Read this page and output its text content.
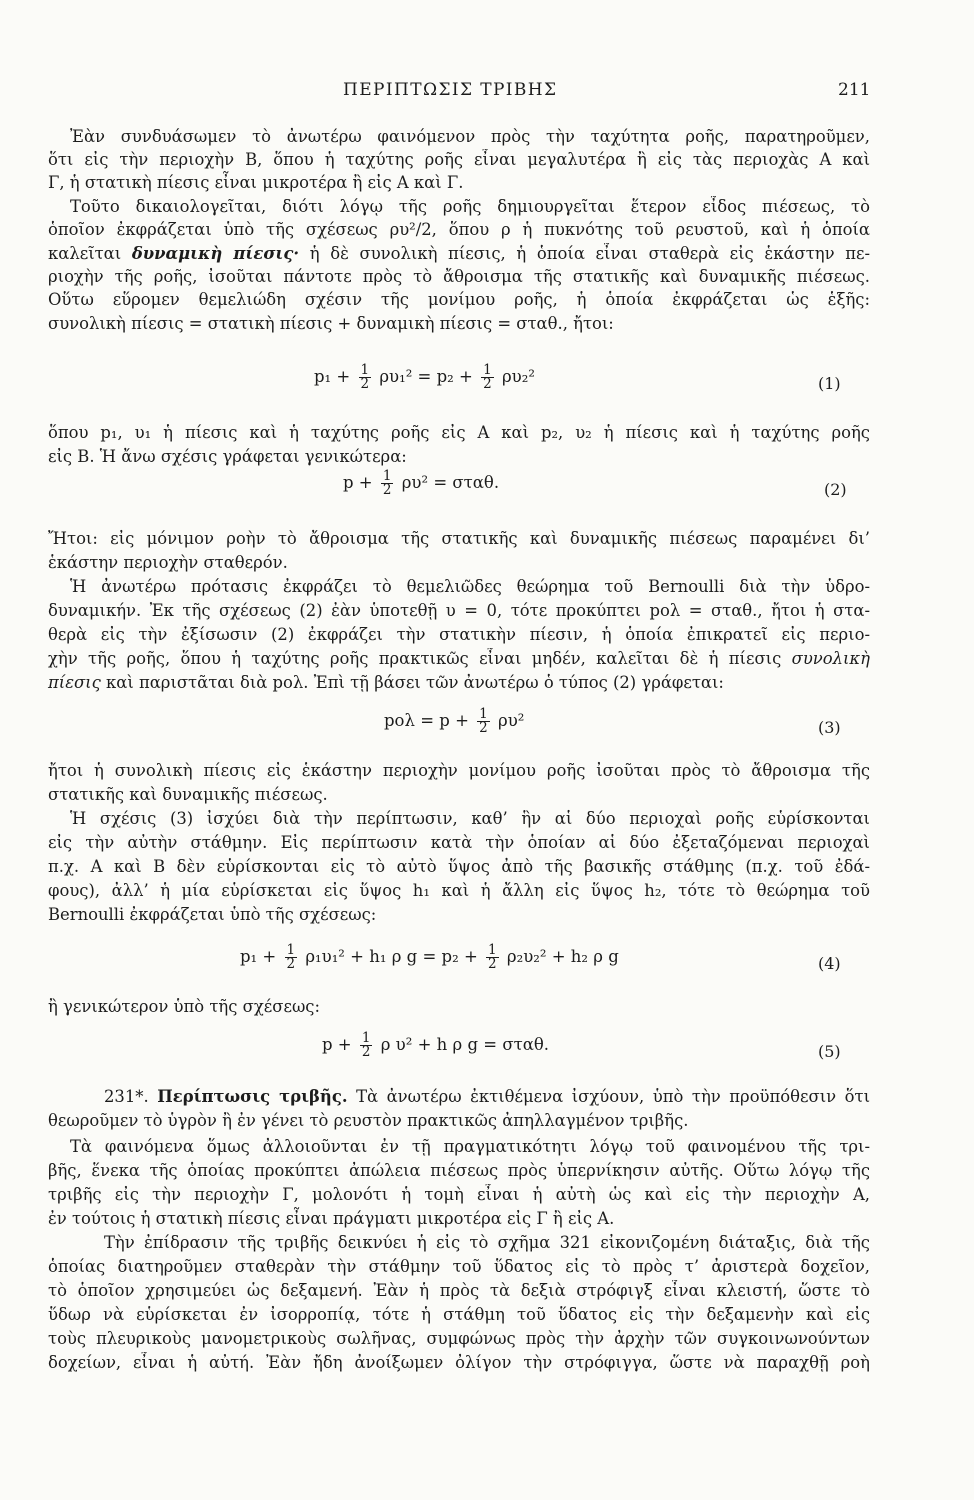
ΠΕΡΙΠΤΩΣΙΣ ΤΡΙΒΗΣ	211
Ἐὰν συνδυάσωμεν τὸ ἀνωτέρω φαινόμενον πρὸς τὴν ταχύτητα ροῆς, παρατηροῦμεν,
ὅτι εἰς τὴν περιοχὴν Β, ὅπου ἡ ταχύτης ροῆς εἶναι μεγαλυτέρα ἢ εἰς τὰς περιοχὰς Α καὶ
Γ, ἡ στατικὴ πίεσις εἶναι μικροτέρα ἢ εἰς Α καὶ Γ.
Τοῦτο δικαιολογεῖται, διότι λόγῳ τῆς ροῆς δημιουργεῖται ἕτερον εἶδος πιέσεως, τὸ
ὁποῖον ἐκφράζεται ὑπὸ τῆς σχέσεως ρυ²/2, ὅπου ρ ἡ πυκνότης τοῦ ρευστοῦ, καὶ ἡ ὁποία
καλεῖται δυναμικὴ πίεσις· ἡ δὲ συνολικὴ πίεσις, ἡ ὁποία εἶναι σταθερὰ εἰς ἑκάστην πε-
ριοχὴν τῆς ροῆς, ἰσοῦται πάντοτε πρὸς τὸ ἄθροισμα τῆς στατικῆς καὶ δυναμικῆς πιέσεως.
Οὕτω εὕρομεν θεμελιώδη σχέσιν τῆς μονίμου ροῆς, ἡ ὁποία ἐκφράζεται ὡς ἑξῆς:
συνολικὴ πίεσις = στατικὴ πίεσις + δυναμικὴ πίεσις = σταθ., ἤτοι:
$p_1 + \frac{1}{2} \rho\upsilon_1^2 = p_2 + \frac{1}{2} \rho\upsilon_2^2$	(1)
ὅπου p₁, υ₁ ἡ πίεσις καὶ ἡ ταχύτης ροῆς εἰς Α καὶ p₂, υ₂ ἡ πίεσις καὶ ἡ ταχύτης ροῆς
εἰς Β. Ἡ ἄνω σχέσις γράφεται γενικώτερα:
$p + \frac{1}{2} \rho\upsilon^2 = \sigma\tau\alpha\theta$.	(2)
Ἤτοι: εἰς μόνιμον ροὴν τὸ ἄθροισμα τῆς στατικῆς καὶ δυναμικῆς πιέσεως παραμένει δι’
ἑκάστην περιοχὴν σταθερόν.
Ἡ ἀνωτέρω πρότασις ἐκφράζει τὸ θεμελιῶδες θεώρημα τοῦ Bernoulli διὰ τὴν ὑδρο-
δυναμικήν. Ἐκ τῆς σχέσεως (2) ἐὰν ὑποτεθῇ υ = 0, τότε προκύπτει pολ = σταθ., ἤτοι ἡ στα-
θερὰ εἰς τὴν ἐξίσωσιν (2) ἐκφράζει τὴν στατικὴν πίεσιν, ἡ ὁποία ἐπικρατεῖ εἰς περιο-
χὴν τῆς ροῆς, ὅπου ἡ ταχύτης ροῆς πρακτικῶς εἶναι μηδέν, καλεῖται δὲ ἡ πίεσις συνολικὴ
πίεσις καὶ παριστᾶται διὰ pολ. Ἐπὶ τῇ βάσει τῶν ἀνωτέρω ὁ τύπος (2) γράφεται:
$po\lambda = p + \frac{1}{2} \rho\upsilon^2$	(3)
ἤτοι ἡ συνολικὴ πίεσις εἰς ἑκάστην περιοχὴν μονίμου ροῆς ἰσοῦται πρὸς τὸ ἄθροισμα τῆς
στατικῆς καὶ δυναμικῆς πιέσεως.
Ἡ σχέσις (3) ἰσχύει διὰ τὴν περίπτωσιν, καθ’ ἣν αἱ δύο περιοχαὶ ροῆς εὑρίσκονται
εἰς τὴν αὐτὴν στάθμην. Εἰς περίπτωσιν κατὰ τὴν ὁποίαν αἱ δύο ἐξεταζόμεναι περιοχαὶ
π.χ. Α καὶ Β δὲν εὑρίσκονται εἰς τὸ αὐτὸ ὕψος ἀπὸ τῆς βασικῆς στάθμης (π.χ. τοῦ ἐδά-
φους), ἀλλ’ ἡ μία εὑρίσκεται εἰς ὕψος h₁ καὶ ἡ ἄλλη εἰς ὕψος h₂, τότε τὸ θεώρημα τοῦ
Bernoulli ἐκφράζεται ὑπὸ τῆς σχέσεως:
$p_1 + \frac{1}{2} \rho_1\upsilon_1^2 + h_1$ ρ $g = p_2 + \frac{1}{2} \rho_2\upsilon_2^2 + h_2$ ρ g	(4)
ἢ γενικώτερον ὑπὸ τῆς σχέσεως:
$p + \frac{1}{2}$ ρ υ² + h ρ g = σταθ.	(5)
231*. Περίπτωσις τριβῆς. Τὰ ἀνωτέρω ἐκτιθέμενα ἰσχύουν, ὑπὸ τὴν προϋπόθεσιν ὅτι
θεωροῦμεν τὸ ὑγρὸν ἢ ἐν γένει τὸ ρευστὸν πρακτικῶς ἀπηλλαγμένον τριβῆς.
Τὰ φαινόμενα ὅμως ἀλλοιοῦνται ἐν τῇ πραγματικότητι λόγῳ τοῦ φαινομένου τῆς τρι-
βῆς, ἕνεκα τῆς ὁποίας προκύπτει ἀπώλεια πιέσεως πρὸς ὑπερνίκησιν αὐτῆς. Οὕτω λόγῳ τῆς
τριβῆς εἰς τὴν περιοχὴν Γ, μολονότι ἡ τομὴ εἶναι ἡ αὐτὴ ὡς καὶ εἰς τὴν περιοχὴν Α,
ἐν τούτοις ἡ στατικὴ πίεσις εἶναι πράγματι μικροτέρα εἰς Γ ἢ εἰς Α.
Τὴν ἐπίδρασιν τῆς τριβῆς δεικνύει ἡ εἰς τὸ σχῆμα 321 εἰκονιζομένη διάταξις, διὰ τῆς
ὁποίας διατηροῦμεν σταθερὰν τὴν στάθμην τοῦ ὕδατος εἰς τὸ πρὸς τ’ ἀριστερὰ δοχεῖον,
τὸ ὁποῖον χρησιμεύει ὡς δεξαμενή. Ἐὰν ἡ πρὸς τὰ δεξιὰ στρόφιγξ εἶναι κλειστή, ὥστε τὸ
ὕδωρ νὰ εὑρίσκεται ἐν ἰσορροπίᾳ, τότε ἡ στάθμη τοῦ ὕδατος εἰς τὴν δεξαμενὴν καὶ εἰς
τοὺς πλευρικοὺς μανομετρικοὺς σωλῆνας, συμφώνως πρὸς τὴν ἀρχὴν τῶν συγκοινωνούντων
δοχείων, εἶναι ἡ αὐτή. Ἐὰν ἤδη ἀνοίξωμεν ὀλίγον τὴν στρόφιγγα, ὥστε νὰ παραχθῇ ροὴ
